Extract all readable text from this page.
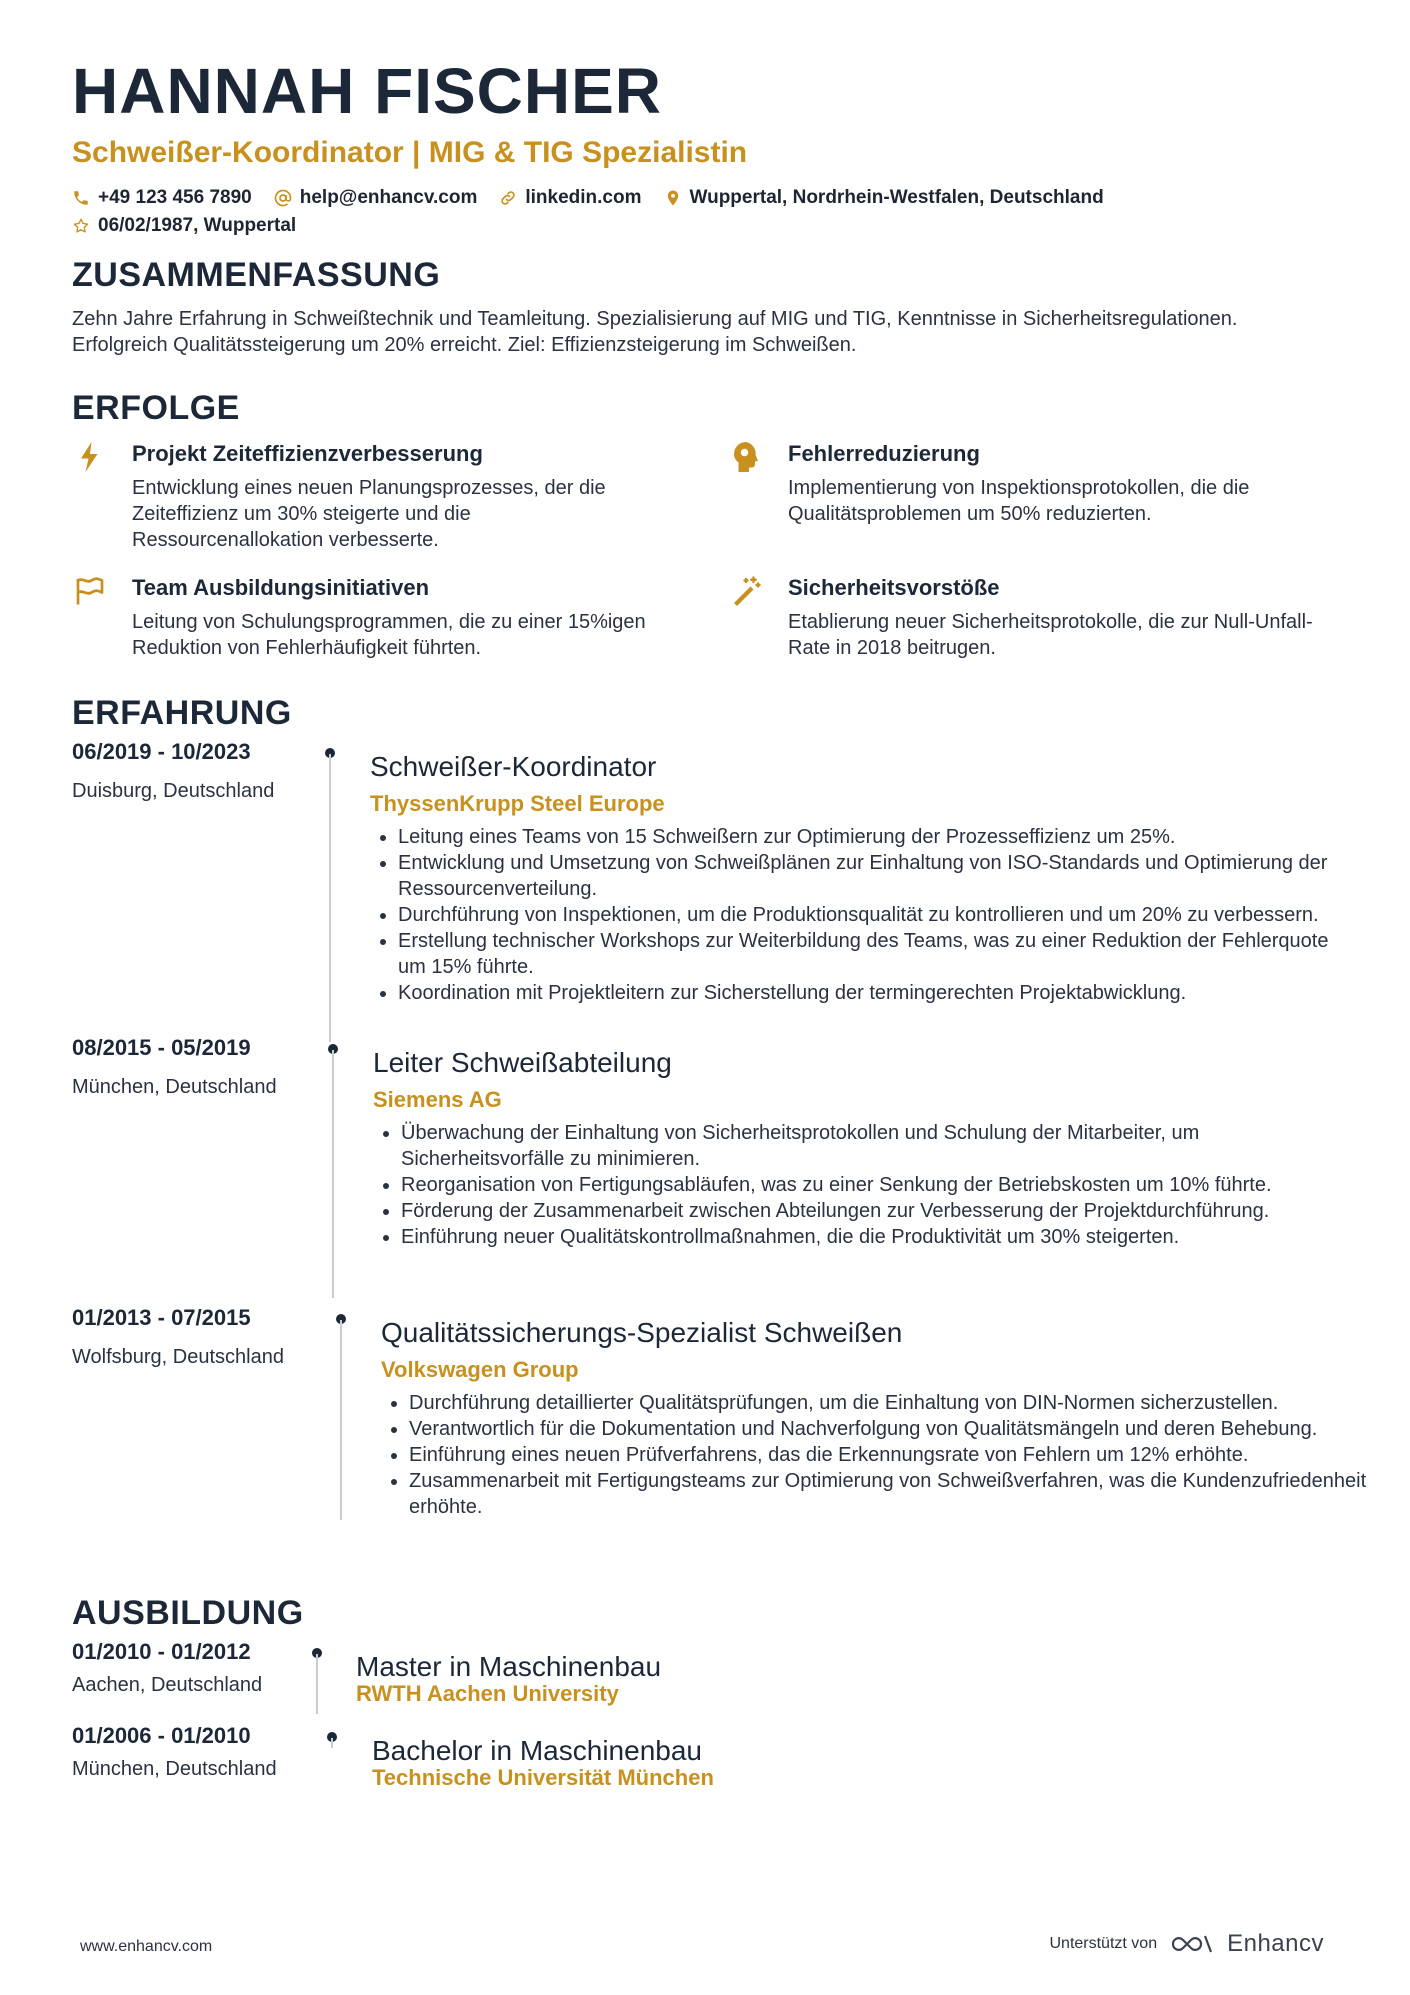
HANNAH FISCHER
Schweißer-Koordinator | MIG & TIG Spezialistin
+49 123 456 7890	help@enhancv.com	linkedin.com	Wuppertal, Nordrhein-Westfalen, Deutschland
06/02/1987, Wuppertal
ZUSAMMENFASSUNG
Zehn Jahre Erfahrung in Schweißtechnik und Teamleitung. Spezialisierung auf MIG und TIG, Kenntnisse in Sicherheitsregulationen. Erfolgreich Qualitätssteigerung um 20% erreicht. Ziel: Effizienzsteigerung im Schweißen.
ERFOLGE
Projekt Zeiteffizienzverbesserung
Entwicklung eines neuen Planungsprozesses, der die Zeiteffizienz um 30% steigerte und die Ressourcenallokation verbesserte.
Fehlerreduzierung
Implementierung von Inspektionsprotokollen, die die Qualitätsproblemen um 50% reduzierten.
Team Ausbildungsinitiativen
Leitung von Schulungsprogrammen, die zu einer 15%igen Reduktion von Fehlerhäufigkeit führten.
Sicherheitsvorstöße
Etablierung neuer Sicherheitsprotokolle, die zur Null-Unfall-Rate in 2018 beitrugen.
ERFAHRUNG
06/2019 - 10/2023
Duisburg, Deutschland
Schweißer-Koordinator
ThyssenKrupp Steel Europe
• Leitung eines Teams von 15 Schweißern zur Optimierung der Prozesseffizienz um 25%.
• Entwicklung und Umsetzung von Schweißplänen zur Einhaltung von ISO-Standards und Optimierung der Ressourcenverteilung.
• Durchführung von Inspektionen, um die Produktionsqualität zu kontrollieren und um 20% zu verbessern.
• Erstellung technischer Workshops zur Weiterbildung des Teams, was zu einer Reduktion der Fehlerquote um 15% führte.
• Koordination mit Projektleitern zur Sicherstellung der termingerechten Projektabwicklung.
08/2015 - 05/2019
München, Deutschland
Leiter Schweißabteilung
Siemens AG
• Überwachung der Einhaltung von Sicherheitsprotokollen und Schulung der Mitarbeiter, um Sicherheitsvorfälle zu minimieren.
• Reorganisation von Fertigungsabläufen, was zu einer Senkung der Betriebskosten um 10% führte.
• Förderung der Zusammenarbeit zwischen Abteilungen zur Verbesserung der Projektdurchführung.
• Einführung neuer Qualitätskontrollmaßnahmen, die die Produktivität um 30% steigerten.
01/2013 - 07/2015
Wolfsburg, Deutschland
Qualitätssicherungs-Spezialist Schweißen
Volkswagen Group
• Durchführung detaillierter Qualitätsprüfungen, um die Einhaltung von DIN-Normen sicherzustellen.
• Verantwortlich für die Dokumentation und Nachverfolgung von Qualitätsmängeln und deren Behebung.
• Einführung eines neuen Prüfverfahrens, das die Erkennungsrate von Fehlern um 12% erhöhte.
• Zusammenarbeit mit Fertigungsteams zur Optimierung von Schweißverfahren, was die Kundenzufriedenheit erhöhte.
AUSBILDUNG
01/2010 - 01/2012
Aachen, Deutschland
Master in Maschinenbau
RWTH Aachen University
01/2006 - 01/2010
München, Deutschland
Bachelor in Maschinenbau
Technische Universität München
www.enhancv.com	Unterstützt von	Enhancv
